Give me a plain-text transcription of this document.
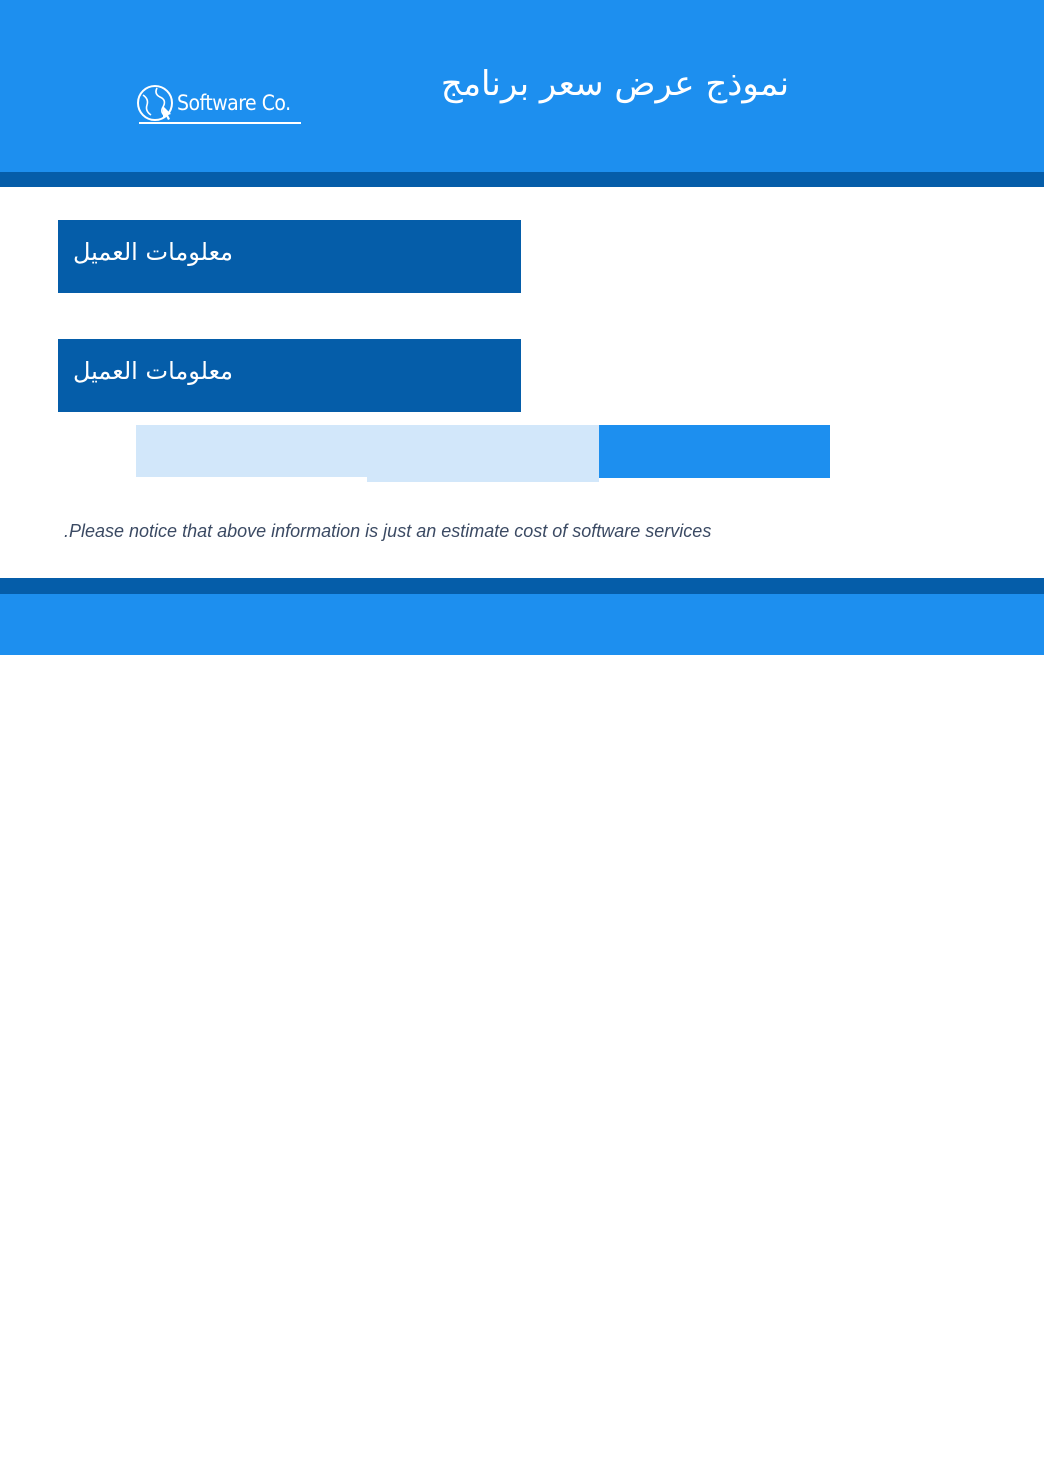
Software Co.	نموذج عرض سعر برنامج
معلومات العميل
معلومات العميل
.Please notice that above information is just an estimate cost of software services
